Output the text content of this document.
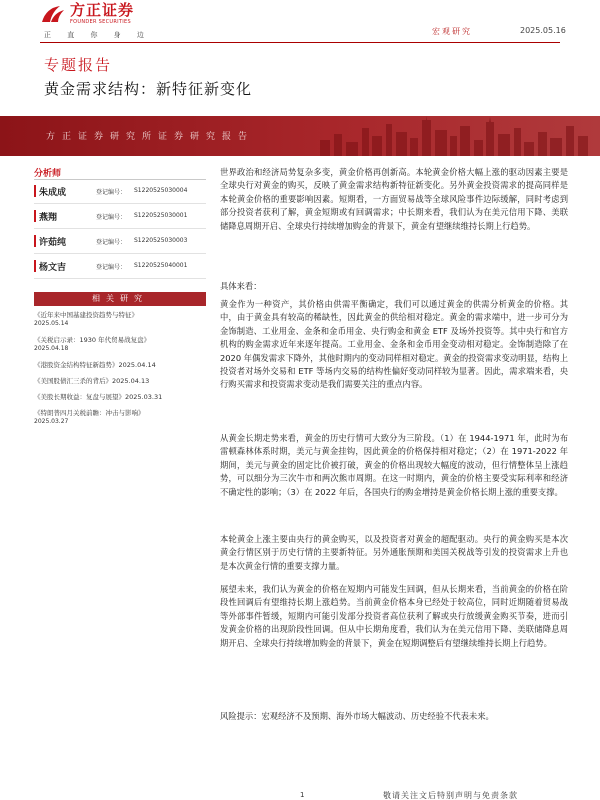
方正证券
FOUNDER SECURITIES
正 直 你 身 边	宏观研究	2025.05.16
专题报告
黄金需求结构：新特征新变化
方正证券研究所证券研究报告
分析师
朱成成	登记编号： S1220525030004
燕翔	登记编号： S1220525030001
许茹纯	登记编号： S1220525030003
杨文吉	登记编号： S1220525040001
相关研究
《近年来中国基建投资趋势与特征》
2025.05.14
《关税启示录：1930 年代贸易战复盘》
2025.04.18
《港股资金结构特征新趋势》2025.04.14
《美国股债汇三杀的背后》2025.04.13
《美股长期收益：复盘与展望》2025.03.31
《特朗普四月关税前瞻：冲击与影响》
2025.03.27

世界政治和经济局势复杂多变，黄金价格再创新高。本轮黄金价格大幅上涨的驱动因素主要是全球央行对黄金的购买，反映了黄金需求结构新特征新变化。另外黄金投资需求的提高同样是本轮黄金价格的重要影响因素。短期看，一方面贸易战等全球风险事件边际缓解，同时考虑到部分投资者获利了解，黄金短期或有回调需求；中长期来看，我们认为在美元信用下降、美联储降息周期开启、全球央行持续增加购金的背景下，黄金有望继续维持长期上行趋势。

具体来看：

黄金作为一种资产，其价格由供需平衡确定，我们可以通过黄金的供需分析黄金的价格。其中，由于黄金具有较高的稀缺性，因此黄金的供给相对稳定。黄金的需求端中，进一步可分为金饰制造、工业用金、金条和金币用金、央行购金和黄金 ETF 及场外投资等。其中央行和官方机构的购金需求近年来逐年提高。工业用金、金条和金币用金变动相对稳定。金饰制造除了在 2020 年偶发需求下降外，其他时期内的变动同样相对稳定。黄金的投资需求变动明显，结构上投资者对场外交易和 ETF 等场内交易的结构性偏好变动同样较为显著。因此，需求端来看，央行购买需求和投资需求变动是我们需要关注的重点内容。

从黄金长期走势来看，黄金的历史行情可大致分为三阶段。（1）在 1944-1971 年，此时为布雷顿森林体系时期，美元与黄金挂钩，因此黄金的价格保持相对稳定；（2）在 1971-2022 年期间，美元与黄金的固定比价被打破，黄金的价格出现较大幅度的波动，但行情整体呈上涨趋势，可以细分为三次牛市和两次熊市周期。在这一时期内，黄金的价格主要受实际利率和经济不确定性的影响；（3）在 2022 年后，各国央行的购金增持是黄金价格长期上涨的重要支撑。

本轮黄金上涨主要由央行的黄金购买，以及投资者对黄金的超配驱动。央行的黄金购买是本次黄金行情区别于历史行情的主要新特征。另外通胀预期和美国关税战等引发的投资需求上升也是本次黄金行情的重要支撑力量。

展望未来，我们认为黄金的价格在短期内可能发生回调，但从长期来看，当前黄金的价格在阶段性回调后有望维持长期上涨趋势。当前黄金价格本身已经处于较高位，同时近期随着贸易战等外部事件暂缓，短期内可能引发部分投资者高位获利了解或央行放缓黄金购买节奏，进而引发黄金价格的出现阶段性回调。但从中长期角度看，我们认为在美元信用下降、美联储降息周期开启、全球央行持续增加购金的背景下，黄金在短期调整后有望继续维持长期上行趋势。

风险提示：宏观经济不及预期、海外市场大幅波动、历史经验不代表未来。

1	敬请关注文后特别声明与免责条款
